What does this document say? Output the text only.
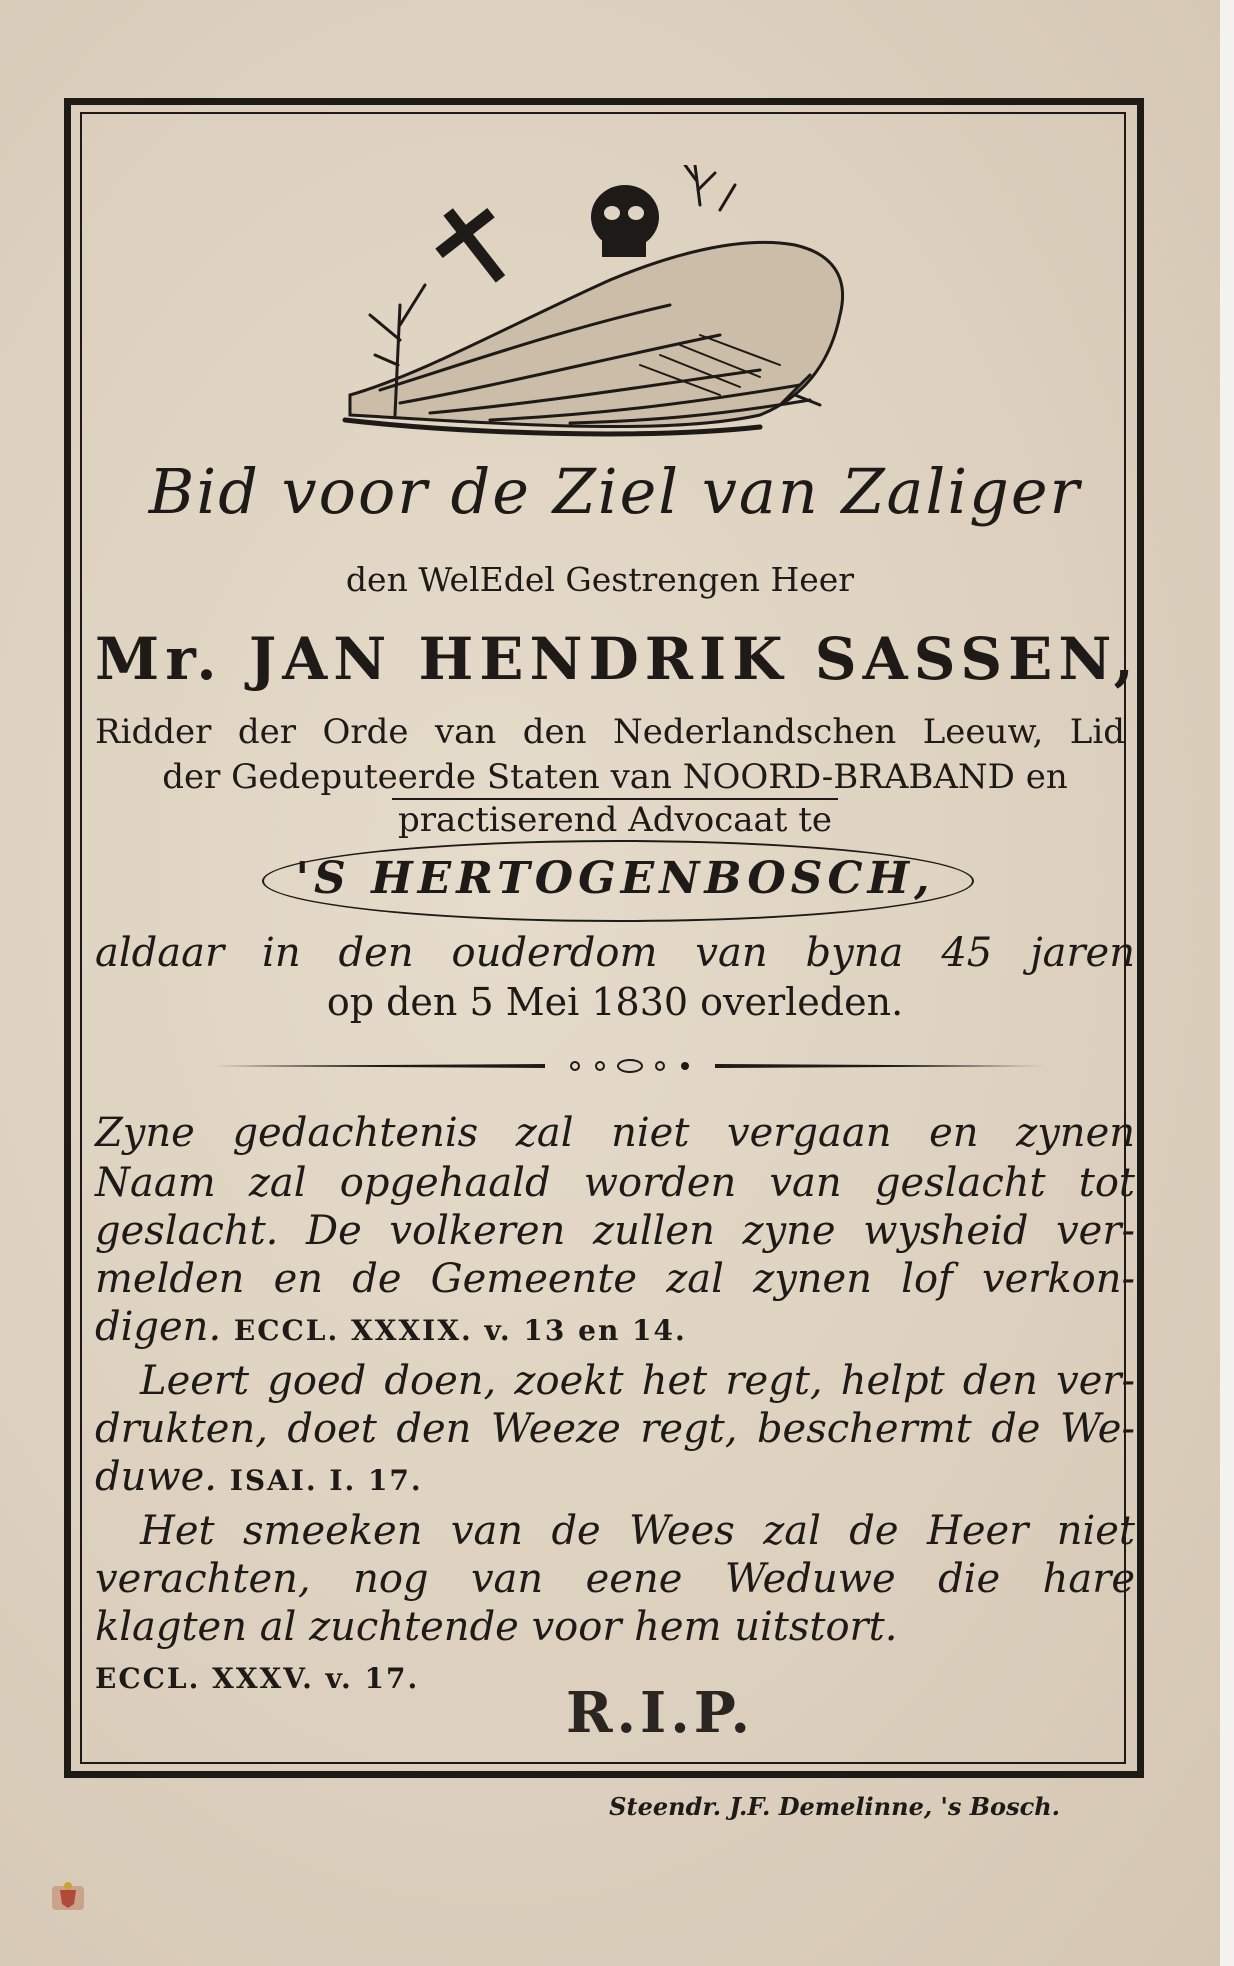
Bid voor de Ziel van Zaliger
den WelEdel Gestrengen Heer
Mr. JAN HENDRIK SASSEN,
Ridder der Orde van den Nederlandschen Leeuw, Lid
der Gedeputeerde Staten van NOORD-BRABAND en
practiserend Advocaat te
'S HERTOGENBOSCH,
aldaar in den ouderdom van byna 45 jaren
op den 5 Mei 1830 overleden.
Zyne gedachtenis zal niet vergaan en zynen
Naam zal opgehaald worden van geslacht tot
geslacht. De volkeren zullen zyne wysheid ver-
melden en de Gemeente zal zynen lof verkon-
digen. ECCL. XXXIX. v. 13 en 14.
Leert goed doen, zoekt het regt, helpt den ver-
drukten, doet den Weeze regt, beschermt de We-
duwe. ISAI. I. 17.
Het smeeken van de Wees zal de Heer niet
verachten, nog van eene Weduwe die hare
klagten al zuchtende voor hem uitstort.
ECCL. XXXV. v. 17.
R.I.P.
Steendr. J.F. Demelinne, 's Bosch.
